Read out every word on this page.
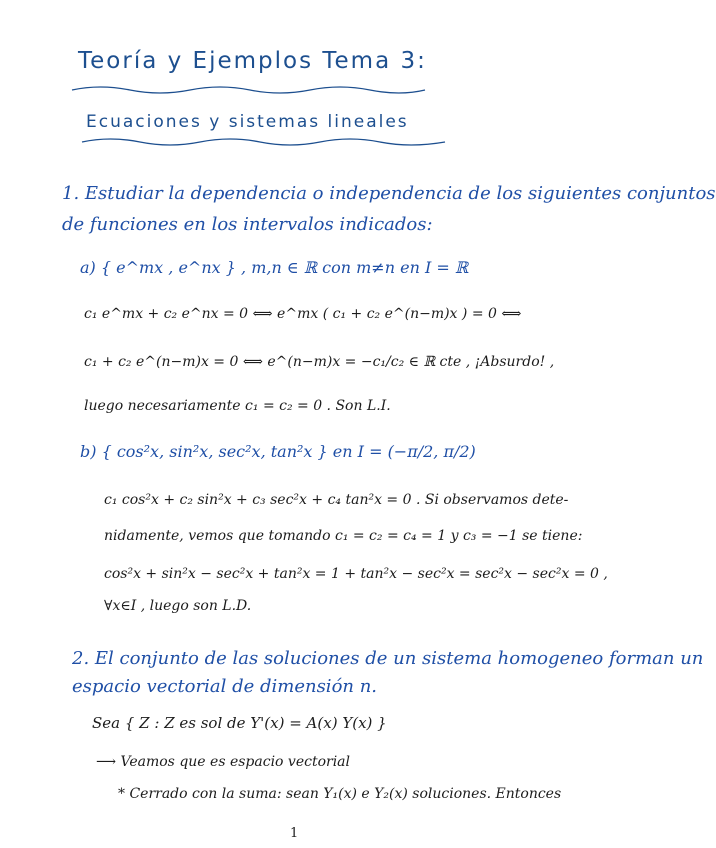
Teoría y Ejemplos Tema 3:
Ecuaciones y sistemas lineales
1. Estudiar la dependencia o independencia de los siguientes conjuntos
de funciones en los intervalos indicados:
a) { e^mx , e^nx } , m,n ∈ ℝ con m≠n en I = ℝ
c₁ e^mx + c₂ e^nx = 0 ⟺ e^mx ( c₁ + c₂ e^(n−m)x ) = 0 ⟺
c₁ + c₂ e^(n−m)x = 0 ⟺ e^(n−m)x = −c₁/c₂ ∈ ℝ cte , ¡Absurdo! ,
luego necesariamente c₁ = c₂ = 0 . Son L.I.
b) { cos²x, sin²x, sec²x, tan²x } en I = (−π/2, π/2)
c₁ cos²x + c₂ sin²x + c₃ sec²x + c₄ tan²x = 0 . Si observamos dete-
nidamente, vemos que tomando c₁ = c₂ = c₄ = 1 y c₃ = −1 se tiene:
cos²x + sin²x − sec²x + tan²x = 1 + tan²x − sec²x = sec²x − sec²x = 0 ,
∀x∈I , luego son L.D.
2. El conjunto de las soluciones de un sistema homogeneo forman un
espacio vectorial de dimensión n.
Sea { Z : Z es sol de Y'(x) = A(x) Y(x) }
⟶ Veamos que es espacio vectorial
* Cerrado con la suma: sean Y₁(x) e Y₂(x) soluciones. Entonces
1
